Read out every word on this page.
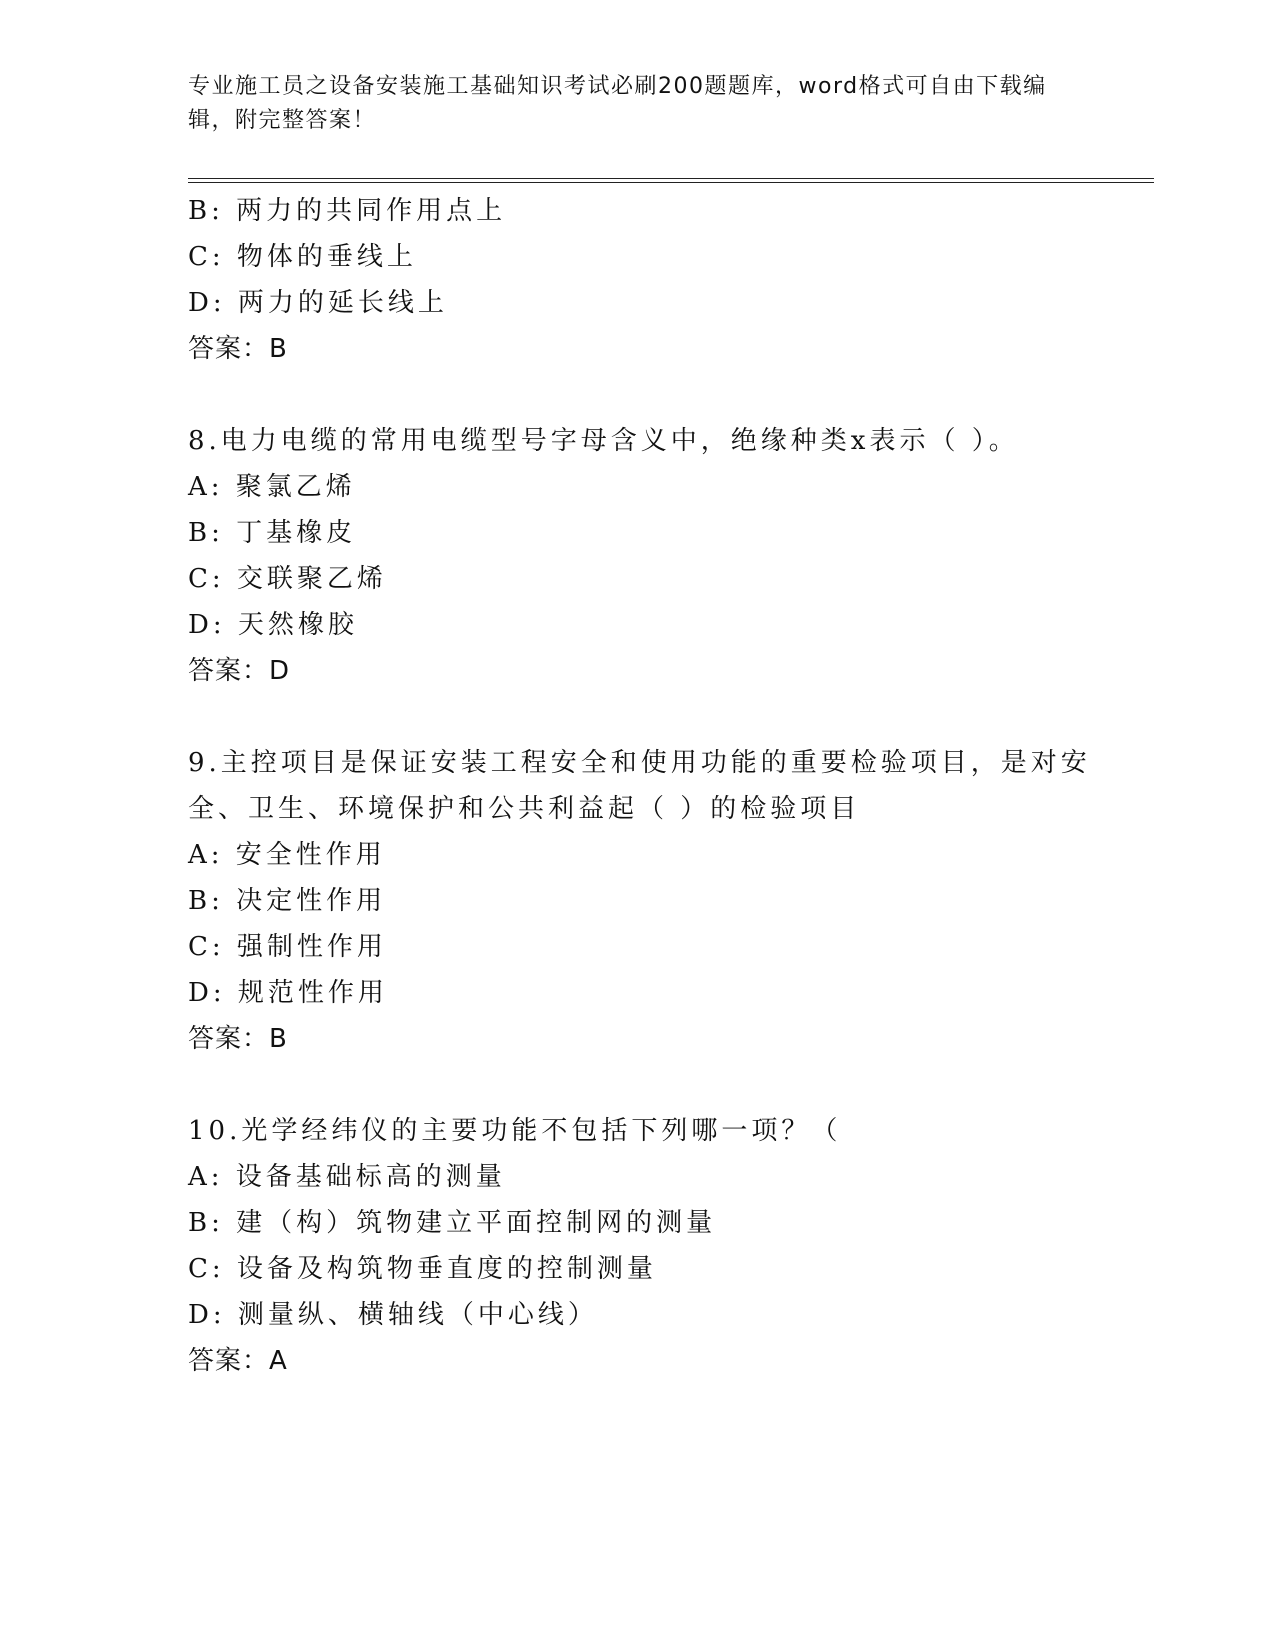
专业施工员之设备安装施工基础知识考试必刷200题题库，word格式可自由下载编辑，附完整答案！
B: 两力的共同作用点上
C: 物体的垂线上
D: 两力的延长线上
答案：B
8.电力电缆的常用电缆型号字母含义中，绝缘种类x表示（ ）。
A: 聚氯乙烯
B: 丁基橡皮
C: 交联聚乙烯
D: 天然橡胶
答案：D
9.主控项目是保证安装工程安全和使用功能的重要检验项目，是对安
全、卫生、环境保护和公共利益起（ ）的检验项目
A: 安全性作用
B: 决定性作用
C: 强制性作用
D: 规范性作用
答案：B
10.光学经纬仪的主要功能不包括下列哪一项？（
A: 设备基础标高的测量
B: 建（构）筑物建立平面控制网的测量
C: 设备及构筑物垂直度的控制测量
D: 测量纵、横轴线（中心线）
答案：A
